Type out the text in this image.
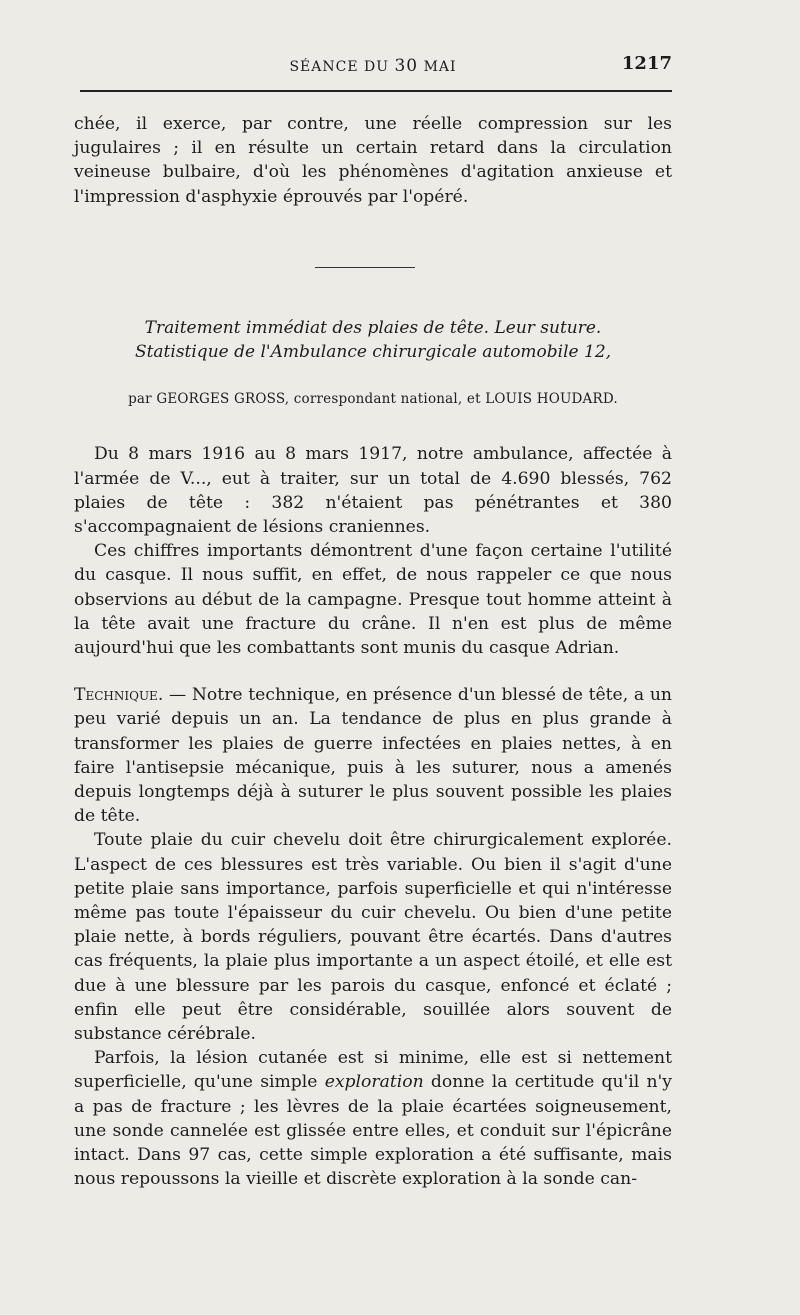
SÉANCE DU 30 MAI	1217

chée, il exerce, par contre, une réelle compression sur les jugulaires ; il en résulte un certain retard dans la circulation veineuse bulbaire, d'où les phénomènes d'agitation anxieuse et l'impression d'asphyxie éprouvés par l'opéré.

Traitement immédiat des plaies de tête. Leur suture.
Statistique de l'Ambulance chirurgicale automobile 12,
par GEORGES GROSS, correspondant national, et LOUIS HOUDARD.

Du 8 mars 1916 au 8 mars 1917, notre ambulance, affectée à l'armée de V..., eut à traiter, sur un total de 4.690 blessés, 762 plaies de tête : 382 n'étaient pas pénétrantes et 380 s'accompagnaient de lésions craniennes.

Ces chiffres importants démontrent d'une façon certaine l'utilité du casque. Il nous suffit, en effet, de nous rappeler ce que nous observions au début de la campagne. Presque tout homme atteint à la tête avait une fracture du crâne. Il n'en est plus de même aujourd'hui que les combattants sont munis du casque Adrian.

Technique. — Notre technique, en présence d'un blessé de tête, a un peu varié depuis un an. La tendance de plus en plus grande à transformer les plaies de guerre infectées en plaies nettes, à en faire l'antisepsie mécanique, puis à les suturer, nous a amenés depuis longtemps déjà à suturer le plus souvent possible les plaies de tête.

Toute plaie du cuir chevelu doit être chirurgicalement explorée. L'aspect de ces blessures est très variable. Ou bien il s'agit d'une petite plaie sans importance, parfois superficielle et qui n'intéresse même pas toute l'épaisseur du cuir chevelu. Ou bien d'une petite plaie nette, à bords réguliers, pouvant être écartés. Dans d'autres cas fréquents, la plaie plus importante a un aspect étoilé, et elle est due à une blessure par les parois du casque, enfoncé et éclaté ; enfin elle peut être considérable, souillée alors souvent de substance cérébrale.

Parfois, la lésion cutanée est si minime, elle est si nettement superficielle, qu'une simple exploration donne la certitude qu'il n'y a pas de fracture ; les lèvres de la plaie écartées soigneusement, une sonde cannelée est glissée entre elles, et conduit sur l'épicrâne intact. Dans 97 cas, cette simple exploration a été suffisante, mais nous repoussons la vieille et discrète exploration à la sonde can-
